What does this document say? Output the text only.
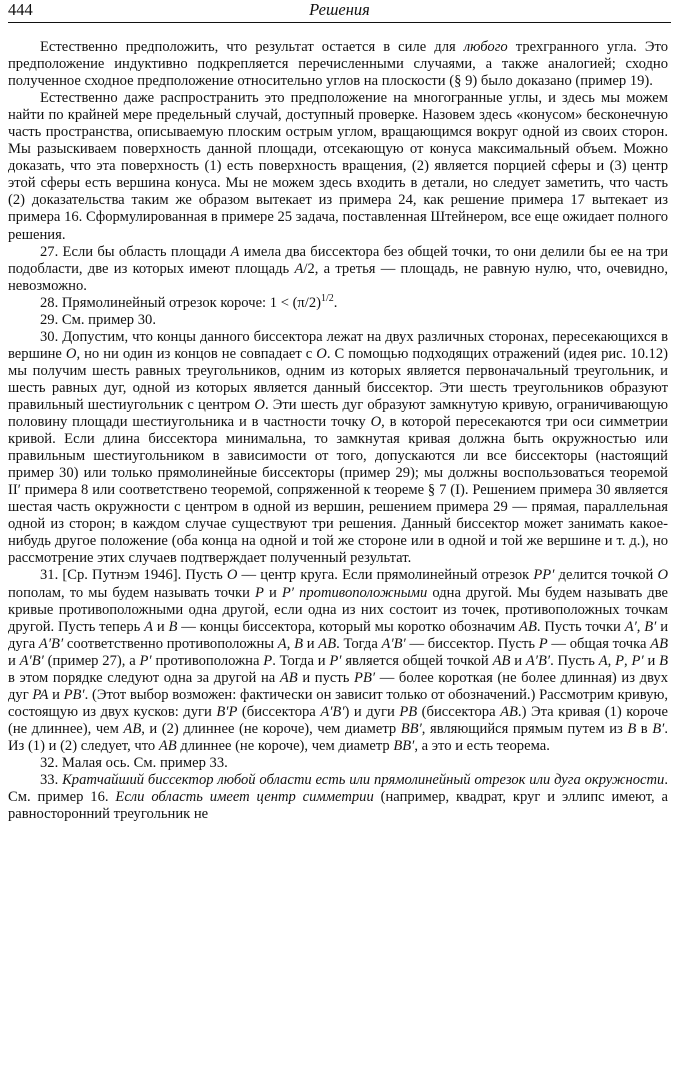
444	Решения

Естественно предположить, что результат остается в силе для любого трехгранного угла. Это предположение индуктивно подкрепляется перечисленными случаями, а также аналогией; сходно полученное сходное предположение относительно углов на плоскости (§ 9) было доказано (пример 19).

Естественно даже распространить это предположение на многогранные углы, и здесь мы можем найти по крайней мере предельный случай, доступный проверке. Назовем здесь «конусом» бесконечную часть пространства, описываемую плоским острым углом, вращающимся вокруг одной из своих сторон. Мы разыскиваем поверхность данной площади, отсекающую от конуса максимальный объем. Можно доказать, что эта поверхность (1) есть поверхность вращения, (2) является порцией сферы и (3) центр этой сферы есть вершина конуса. Мы не можем здесь входить в детали, но следует заметить, что часть (2) доказательства таким же образом вытекает из примера 24, как решение примера 17 вытекает из примера 16. Сформулированная в примере 25 задача, поставленная Штейнером, все еще ожидает полного решения.

27. Если бы область площади A имела два биссектора без общей точки, то они делили бы ее на три подобласти, две из которых имеют площадь A/2, а третья — площадь, не равную нулю, что, очевидно, невозможно.

28. Прямолинейный отрезок короче: $1 < (\pi/2)^{1/2}$.

29. См. пример 30.

30. Допустим, что концы данного биссектора лежат на двух различных сторонах, пересекающихся в вершине O, но ни один из концов не совпадает с O. С помощью подходящих отражений (идея рис. 10.12) мы получим шесть равных треугольников, одним из которых является первоначальный треугольник, и шесть равных дуг, одной из которых является данный биссектор. Эти шесть треугольников образуют правильный шестиугольник с центром O. Эти шесть дуг образуют замкнутую кривую, ограничивающую половину площади шестиугольника и в частности точку O, в которой пересекаются три оси симметрии кривой. Если длина биссектора минимальна, то замкнутая кривая должна быть окружностью или правильным шестиугольником в зависимости от того, допускаются ли все биссекторы (настоящий пример 30) или только прямолинейные биссекторы (пример 29); мы должны воспользоваться теоремой II′ примера 8 или соответствено теоремой, сопряженной к теореме § 7 (I). Решением примера 30 является шестая часть окружности с центром в одной из вершин, решением примера 29 — прямая, параллельная одной из сторон; в каждом случае существуют три решения. Данный биссектор может занимать какое-нибудь другое положение (оба конца на одной и той же стороне или в одной и той же вершине и т. д.), но рассмотрение этих случаев подтверждает полученный результат.

31. [Ср. Путнэм 1946]. Пусть O — центр круга. Если прямолинейный отрезок PP′ делится точкой O пополам, то мы будем называть точки P и P′ противоположными одна другой. Мы будем называть две кривые противоположными одна другой, если одна из них состоит из точек, противоположных точкам другой. Пусть теперь A и B — концы биссектора, который мы коротко обозначим AB. Пусть точки A′, B′ и дуга A′B′ соответственно противоположны A, B и AB. Тогда A′B′ — биссектор. Пусть P — общая точка AB и A′B′ (пример 27), а P′ противоположна P. Тогда и P′ является общей точкой AB и A′B′. Пусть A, P, P′ и B в этом порядке следуют одна за другой на AB и пусть PB′ — более короткая (не более длинная) из двух дуг PA и PB′. (Этот выбор возможен: фактически он зависит только от обозначений.) Рассмотрим кривую, состоящую из двух кусков: дуги B′P (биссектора A′B′) и дуги PB (биссектора AB.) Эта кривая (1) короче (не длиннее), чем AB, и (2) длиннее (не короче), чем диаметр BB′, являющийся прямым путем из B в B′. Из (1) и (2) следует, что AB длиннее (не короче), чем диаметр BB′, а это и есть теорема.

32. Малая ось. См. пример 33.

33. Кратчайший биссектор любой области есть или прямолинейный отрезок или дуга окружности. См. пример 16. Если область имеет центр симметрии (например, квадрат, круг и эллипс имеют, а равносторонний треугольник не
